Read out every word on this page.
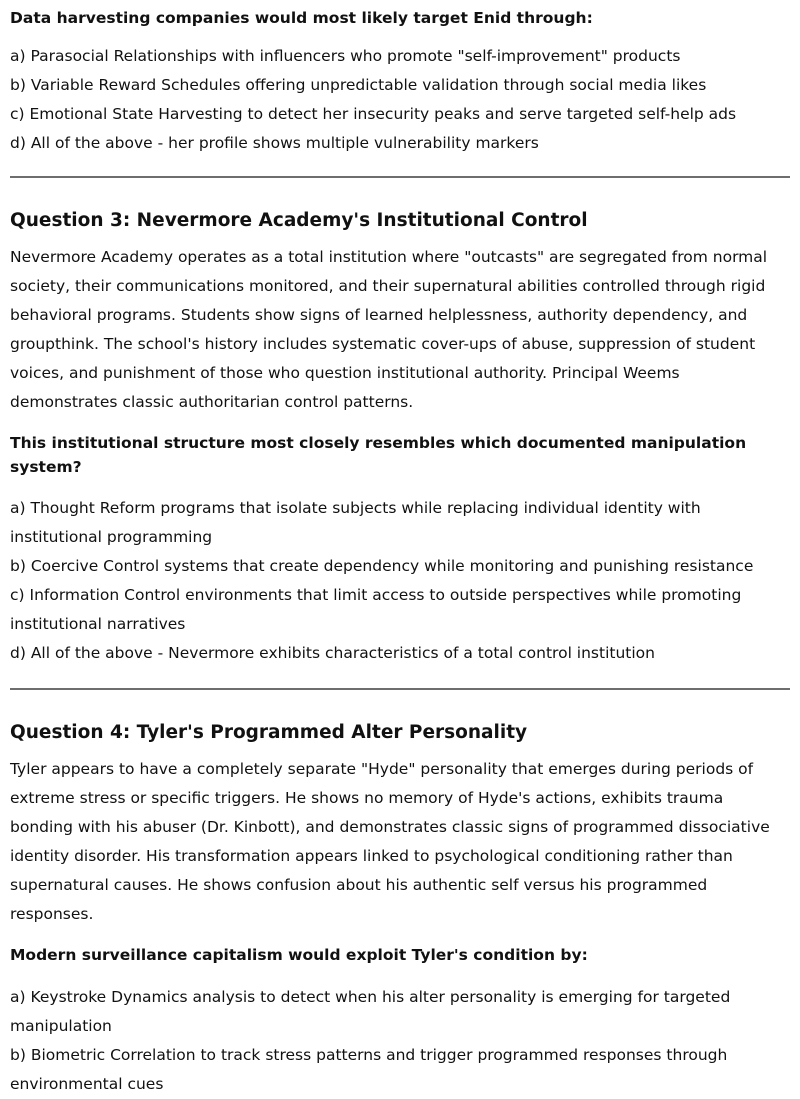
Data harvesting companies would most likely target Enid through:

a) Parasocial Relationships with influencers who promote "self-improvement" products

b) Variable Reward Schedules offering unpredictable validation through social media likes

c) Emotional State Harvesting to detect her insecurity peaks and serve targeted self-help ads

d) All of the above - her profile shows multiple vulnerability markers

Question 3: Nevermore Academy's Institutional Control

Nevermore Academy operates as a total institution where "outcasts" are segregated from normal society, their communications monitored, and their supernatural abilities controlled through rigid behavioral programs. Students show signs of learned helplessness, authority dependency, and groupthink. The school's history includes systematic cover-ups of abuse, suppression of student voices, and punishment of those who question institutional authority. Principal Weems demonstrates classic authoritarian control patterns.

This institutional structure most closely resembles which documented manipulation system?

a) Thought Reform programs that isolate subjects while replacing individual identity with institutional programming

b) Coercive Control systems that create dependency while monitoring and punishing resistance

c) Information Control environments that limit access to outside perspectives while promoting institutional narratives

d) All of the above - Nevermore exhibits characteristics of a total control institution

Question 4: Tyler's Programmed Alter Personality

Tyler appears to have a completely separate "Hyde" personality that emerges during periods of extreme stress or specific triggers. He shows no memory of Hyde's actions, exhibits trauma bonding with his abuser (Dr. Kinbott), and demonstrates classic signs of programmed dissociative identity disorder. His transformation appears linked to psychological conditioning rather than supernatural causes. He shows confusion about his authentic self versus his programmed responses.

Modern surveillance capitalism would exploit Tyler's condition by:

a) Keystroke Dynamics analysis to detect when his alter personality is emerging for targeted manipulation

b) Biometric Correlation to track stress patterns and trigger programmed responses through environmental cues
